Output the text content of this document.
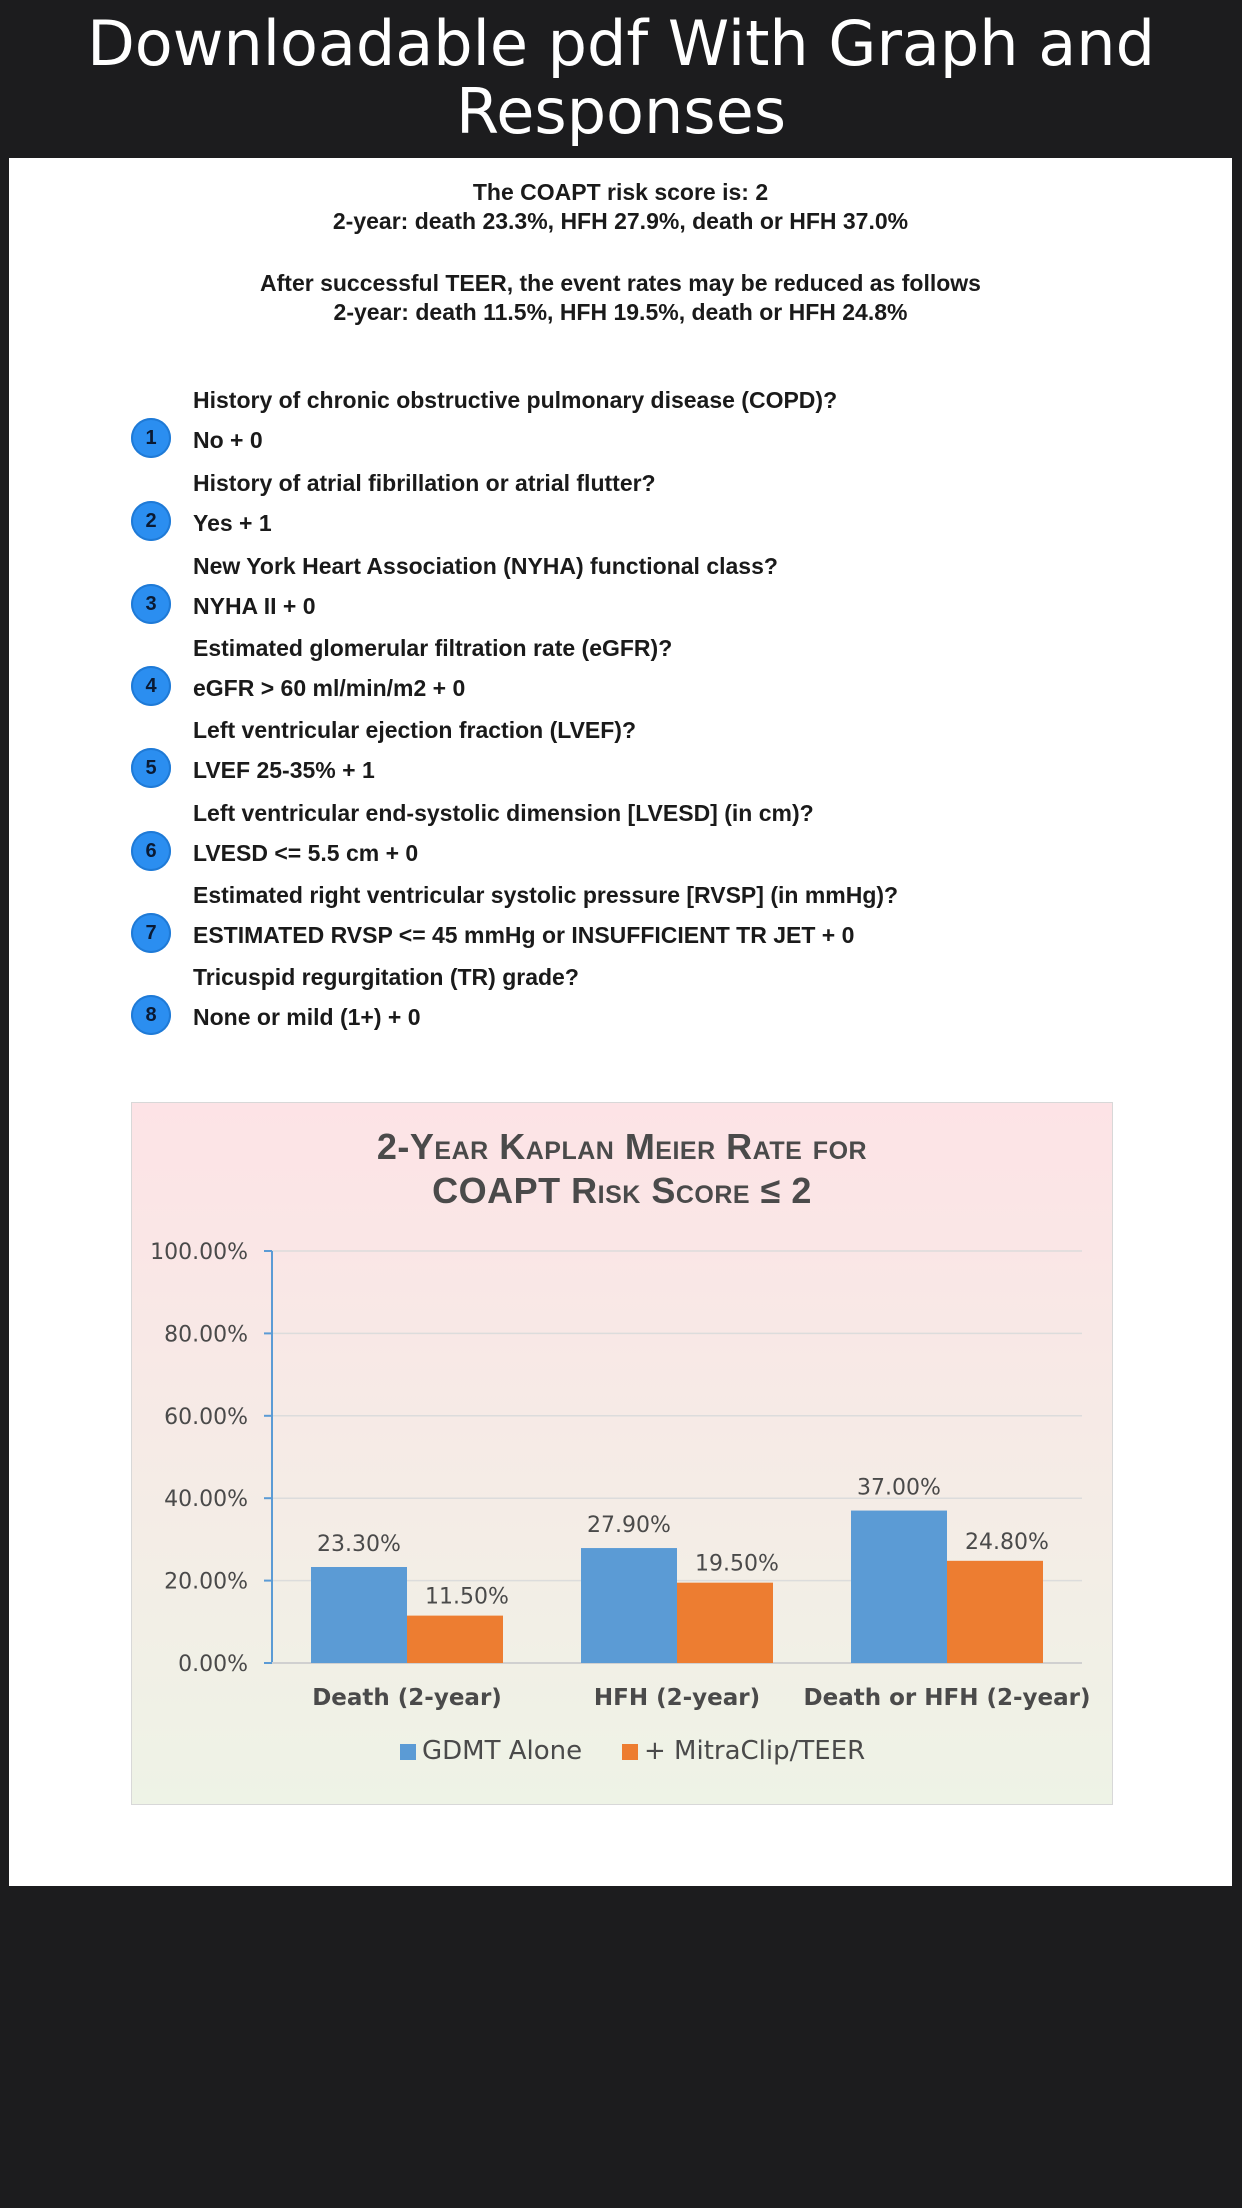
Downloadable pdf With Graph and Responses
The COAPT risk score is: 2
2-year: death 23.3%, HFH 27.9%, death or HFH 37.0%
After successful TEER, the event rates may be reduced as follows
2-year: death 11.5%, HFH 19.5%, death or HFH 24.8%
1
History of chronic obstructive pulmonary disease (COPD)?
No + 0
2
History of atrial fibrillation or atrial flutter?
Yes + 1
3
New York Heart Association (NYHA) functional class?
NYHA II + 0
4
Estimated glomerular filtration rate (eGFR)?
eGFR > 60 ml/min/m2 + 0
5
Left ventricular ejection fraction (LVEF)?
LVEF 25-35% + 1
6
Left ventricular end-systolic dimension [LVESD] (in cm)?
LVESD <= 5.5 cm + 0
7
Estimated right ventricular systolic pressure [RVSP] (in mmHg)?
ESTIMATED RVSP <= 45 mmHg or INSUFFICIENT TR JET + 0
8
Tricuspid regurgitation (TR) grade?
None or mild (1+) + 0
2-Year Kaplan Meier Rate for
COAPT Risk Score ≤ 2
0.00%
20.00%
40.00%
60.00%
80.00%
100.00%
23.30%
11.50%
Death (2-year)
27.90%
19.50%
HFH (2-year)
37.00%
24.80%
Death or HFH (2-year)
GDMT Alone + MitraClip/TEER
